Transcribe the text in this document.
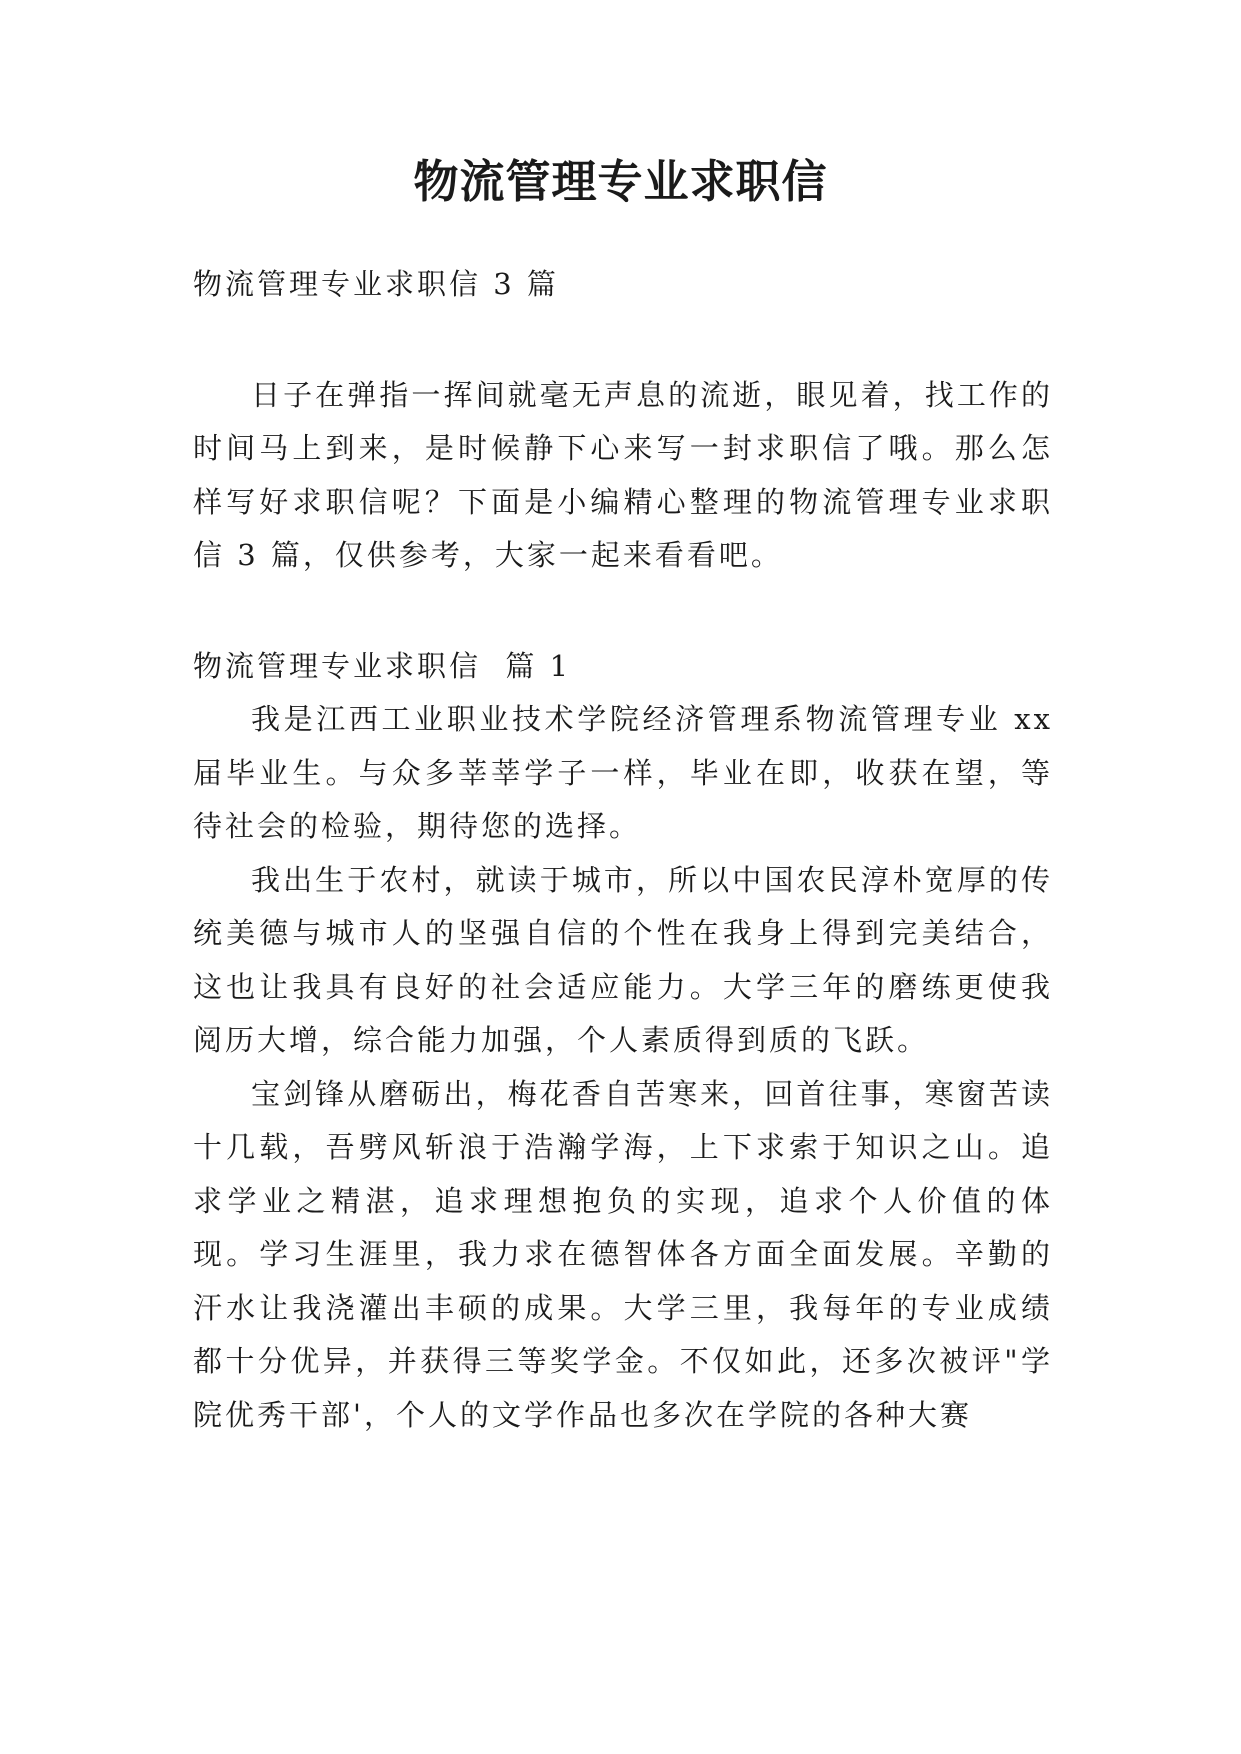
物流管理专业求职信

物流管理专业求职信 3 篇

日子在弹指一挥间就毫无声息的流逝，眼见着，找工作的时间马上到来，是时候静下心来写一封求职信了哦。那么怎样写好求职信呢？下面是小编精心整理的物流管理专业求职信 3 篇，仅供参考，大家一起来看看吧。

物流管理专业求职信  篇 1

我是江西工业职业技术学院经济管理系物流管理专业 xx 届毕业生。与众多莘莘学子一样，毕业在即，收获在望，等待社会的检验，期待您的选择。

我出生于农村，就读于城市，所以中国农民淳朴宽厚的传统美德与城市人的坚强自信的个性在我身上得到完美结合，这也让我具有良好的社会适应能力。大学三年的磨练更使我阅历大增，综合能力加强，个人素质得到质的飞跃。

宝剑锋从磨砺出，梅花香自苦寒来，回首往事，寒窗苦读十几载，吾劈风斩浪于浩瀚学海，上下求索于知识之山。追求学业之精湛，追求理想抱负的实现，追求个人价值的体现。学习生涯里，我力求在德智体各方面全面发展。辛勤的汗水让我浇灌出丰硕的成果。大学三里，我每年的专业成绩都十分优异，并获得三等奖学金。不仅如此，还多次被评"学院优秀干部'，个人的文学作品也多次在学院的各种大赛
